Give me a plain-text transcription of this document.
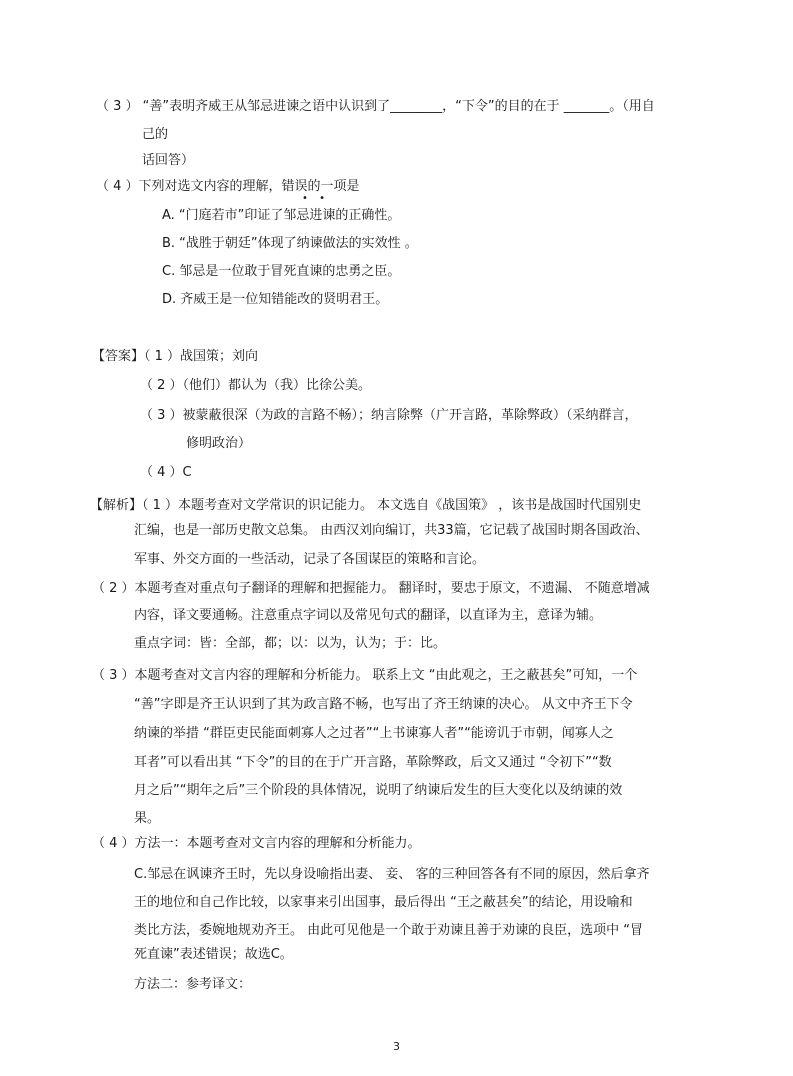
（ 3 ） “善”表明齐威王从邹忌进谏之语中认识到了________，“下令”的目的在于 _______。（用自
己的
话回答）
（ 4 ）下列对选文内容的理解，错误的一项是
• •
A. “门庭若市”印证了邹忌进谏的正确性。
B. “战胜于朝廷”体现了纳谏做法的实效性 。
C. 邹忌是一位敢于冒死直谏的忠勇之臣。
D. 齐威王是一位知错能改的贤明君王。
【答案】（ 1 ）战国策；刘向
（ 2 ）（他们）都认为（我）比徐公美。
（ 3 ）被蒙蔽很深（为政的言路不畅）；纳言除弊（广开言路，革除弊政）（采纳群言，
修明政治）
（ 4 ）C
【解析】（ 1 ）本题考查对文学常识的识记能力。 本文选自《战国策》 ，该书是战国时代国别史
汇编，也是一部历史散文总集。 由西汉刘向编订，共33篇，它记载了战国时期各国政治、
军事、外交方面的一些活动，记录了各国谋臣的策略和言论。
（ 2 ）本题考查对重点句子翻译的理解和把握能力。 翻译时，要忠于原文，不遗漏、 不随意增减
内容，译文要通畅。注意重点字词以及常见句式的翻译，以直译为主，意译为辅。
重点字词：皆：全部，都；以：以为，认为；于：比。
（ 3 ）本题考查对文言内容的理解和分析能力。 联系上文 “由此观之，王之蔽甚矣”可知，一个
“善”字即是齐王认识到了其为政言路不畅，也写出了齐王纳谏的决心。 从文中齐王下令
纳谏的举措 “群臣吏民能面刺寡人之过者”“上书谏寡人者”“能谤讥于市朝，闻寡人之
耳者”可以看出其 “下令”的目的在于广开言路，革除弊政，后文又通过 “令初下”“数
月之后”“期年之后”三个阶段的具体情况，说明了纳谏后发生的巨大变化以及纳谏的效
果。
（ 4 ）方法一：本题考查对文言内容的理解和分析能力。
C.邹忌在讽谏齐王时，先以身设喻指出妻、 妾、 客的三种回答各有不同的原因，然后拿齐
王的地位和自己作比较，以家事来引出国事，最后得出 “王之蔽甚矣”的结论，用设喻和
类比方法，委婉地规劝齐王。 由此可见他是一个敢于劝谏且善于劝谏的良臣，选项中 “冒
死直谏”表述错误；故选C。
方法二：参考译文：
3
